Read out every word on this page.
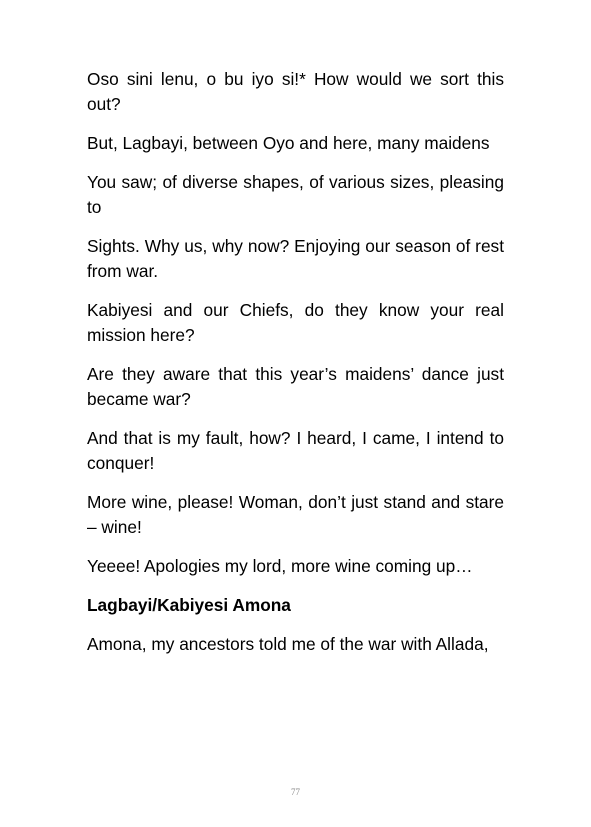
Oso sini lenu, o bu iyo si!* How would we sort this out?

But, Lagbayi, between Oyo and here, many maidens

You saw; of diverse shapes, of various sizes, pleasing to

Sights. Why us, why now? Enjoying our season of rest from war.

Kabiyesi and our Chiefs, do they know your real mission here?

Are they aware that this year’s maidens’ dance just became war?

And that is my fault, how? I heard, I came, I intend to conquer!

More wine, please! Woman, don’t just stand and stare – wine!

Yeeee! Apologies my lord, more wine coming up…

Lagbayi/Kabiyesi Amona

Amona, my ancestors told me of the war with Allada,

77
